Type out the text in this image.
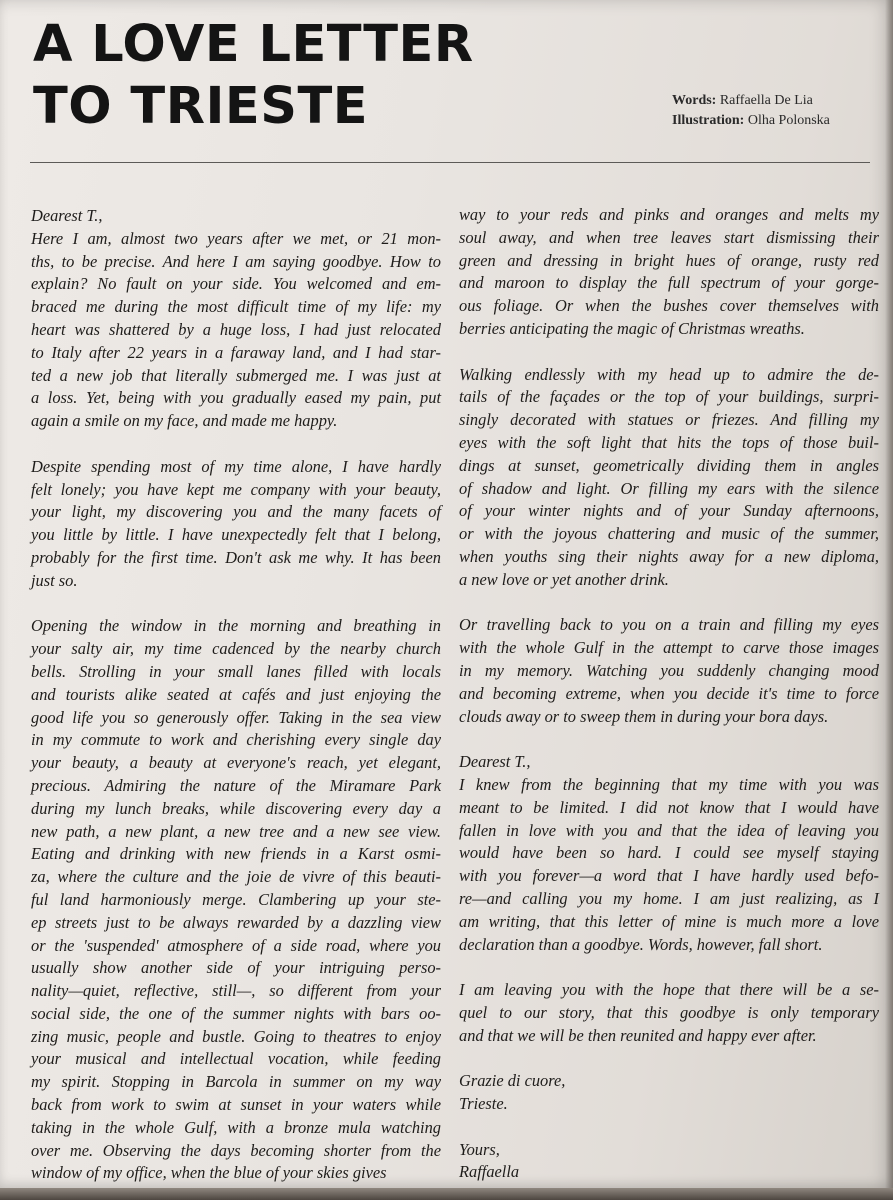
A LOVE LETTER
TO TRIESTE	Words: Raffaella De Lia
Illustration: Olha Polonska
Dearest T.,
Here I am, almost two years after we met, or 21 mon-
ths, to be precise. And here I am saying goodbye. How to
explain? No fault on your side. You welcomed and em-
braced me during the most difficult time of my life: my
heart was shattered by a huge loss, I had just relocated
to Italy after 22 years in a faraway land, and I had star-
ted a new job that literally submerged me. I was just at
a loss. Yet, being with you gradually eased my pain, put
again a smile on my face, and made me happy.
Despite spending most of my time alone, I have hardly
felt lonely; you have kept me company with your beauty,
your light, my discovering you and the many facets of
you little by little. I have unexpectedly felt that I belong,
probably for the first time. Don't ask me why. It has been
just so.
Opening the window in the morning and breathing in
your salty air, my time cadenced by the nearby church
bells. Strolling in your small lanes filled with locals
and tourists alike seated at cafés and just enjoying the
good life you so generously offer. Taking in the sea view
in my commute to work and cherishing every single day
your beauty, a beauty at everyone's reach, yet elegant,
precious. Admiring the nature of the Miramare Park
during my lunch breaks, while discovering every day a
new path, a new plant, a new tree and a new see view.
Eating and drinking with new friends in a Karst osmi-
za, where the culture and the joie de vivre of this beauti-
ful land harmoniously merge. Clambering up your ste-
ep streets just to be always rewarded by a dazzling view
or the 'suspended' atmosphere of a side road, where you
usually show another side of your intriguing perso-
nality—quiet, reflective, still—, so different from your
social side, the one of the summer nights with bars oo-
zing music, people and bustle. Going to theatres to enjoy
your musical and intellectual vocation, while feeding
my spirit. Stopping in Barcola in summer on my way
back from work to swim at sunset in your waters while
taking in the whole Gulf, with a bronze mula watching
over me. Observing the days becoming shorter from the
window of my office, when the blue of your skies gives
way to your reds and pinks and oranges and melts my
soul away, and when tree leaves start dismissing their
green and dressing in bright hues of orange, rusty red
and maroon to display the full spectrum of your gorge-
ous foliage. Or when the bushes cover themselves with
berries anticipating the magic of Christmas wreaths.
Walking endlessly with my head up to admire the de-
tails of the façades or the top of your buildings, surpri-
singly decorated with statues or friezes. And filling my
eyes with the soft light that hits the tops of those buil-
dings at sunset, geometrically dividing them in angles
of shadow and light. Or filling my ears with the silence
of your winter nights and of your Sunday afternoons,
or with the joyous chattering and music of the summer,
when youths sing their nights away for a new diploma,
a new love or yet another drink.
Or travelling back to you on a train and filling my eyes
with the whole Gulf in the attempt to carve those images
in my memory. Watching you suddenly changing mood
and becoming extreme, when you decide it's time to force
clouds away or to sweep them in during your bora days.
Dearest T.,
I knew from the beginning that my time with you was
meant to be limited. I did not know that I would have
fallen in love with you and that the idea of leaving you
would have been so hard. I could see myself staying
with you forever—a word that I have hardly used befo-
re—and calling you my home. I am just realizing, as I
am writing, that this letter of mine is much more a love
declaration than a goodbye. Words, however, fall short.
I am leaving you with the hope that there will be a se-
quel to our story, that this goodbye is only temporary
and that we will be then reunited and happy ever after.
Grazie di cuore,
Trieste.
Yours,
Raffaella
